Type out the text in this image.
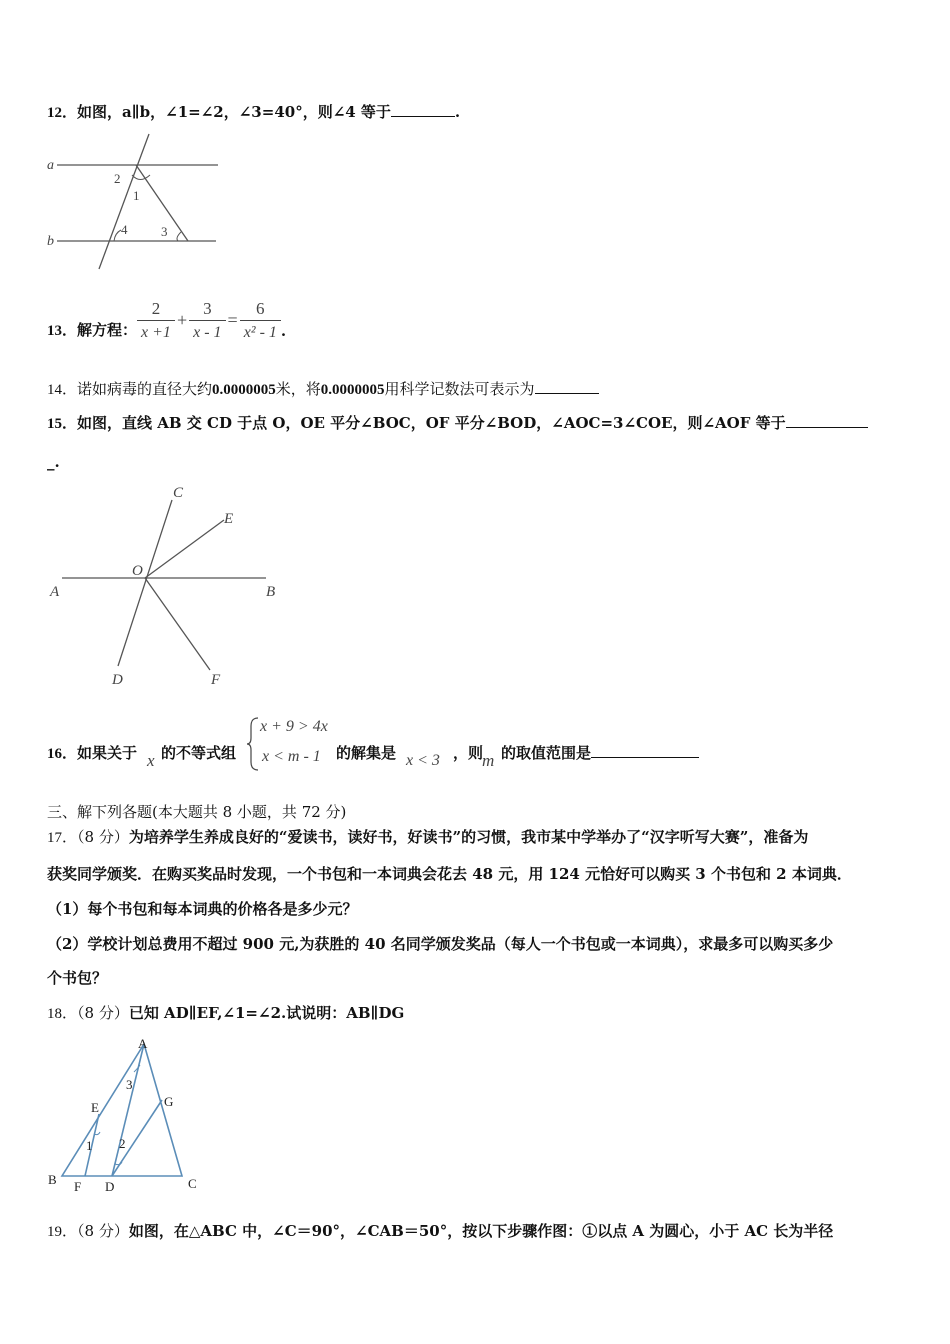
12．如图，a∥b，∠1=∠2，∠3=40°，则∠4 等于	.
a
b
2
1
4	3
13．解方程： $\frac{2}{x +1} + \frac{3}{x - 1} = \frac{6}{\text{x² - 1}}$ .
14．诺如病毒的直径大约0.0000005米，将0.0000005用科学记数法可表示为
15．如图，直线 AB 交 CD 于点 O，OE 平分∠BOC，OF 平分∠BOD，∠AOC=3∠COE，则∠AOF 等于
_.
A	B
C
D
E
F
O
16．如果关于 x 的不等式组
x + 9 > 4x
x < m - 1 的解集是 x < 3 ，则
m 的取值范围是
三、解下列各题(本大题共 8 小题，共 72 分)
17．（8 分）为培养学生养成良好的“爱读书，读好书，好读书”的习惯，我市某中学举办了“汉字听写大赛”，准备为
获奖同学颁奖．在购买奖品时发现，一个书包和一本词典会花去 48 元，用 124 元恰好可以购买 3 个书包和 2 本词典．
（1）每个书包和每本词典的价格各是多少元？
（2）学校计划总费用不超过 900 元,为获胜的 40 名同学颁发奖品（每人一个书包或一本词典），求最多可以购买多少
个书包？
18．（8 分）已知 AD∥EF,∠1=∠2.试说明：AB∥DG
A
B	C
D
E
F
G
1 2
3
19．（8 分）如图，在△ABC 中，∠C＝90°，∠CAB＝50°，按以下步骤作图：①以点 A 为圆心，小于 AC 长为半径
